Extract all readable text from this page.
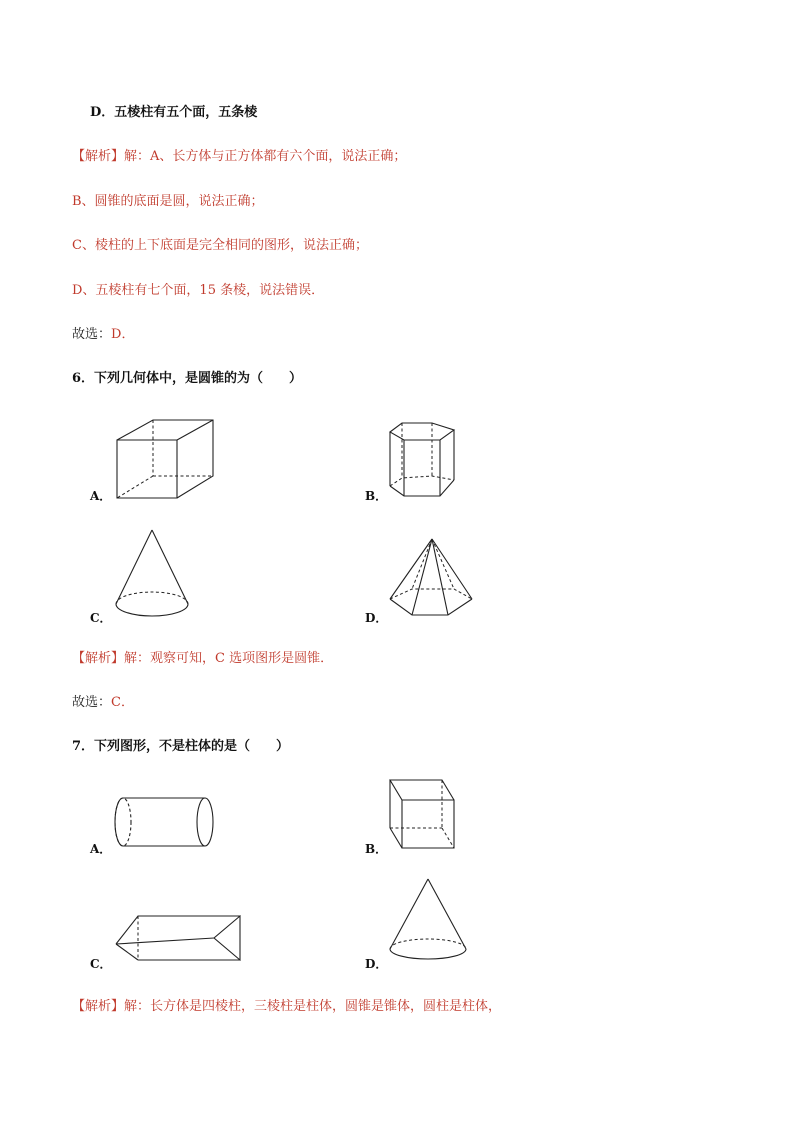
D．五棱柱有五个面，五条棱
【解析】解：A、长方体与正方体都有六个面，说法正确；
B、圆锥的底面是圆，说法正确；
C、棱柱的上下底面是完全相同的图形，说法正确；
D、五棱柱有七个面，15 条棱，说法错误．
故选：D．
6．下列几何体中，是圆锥的为（　　）
A．	B．
C．	D．
【解析】解：观察可知，C 选项图形是圆锥．
故选：C．
7．下列图形，不是柱体的是（　　）
A．	B．
C．	D．
【解析】解：长方体是四棱柱，三棱柱是柱体，圆锥是锥体，圆柱是柱体，
